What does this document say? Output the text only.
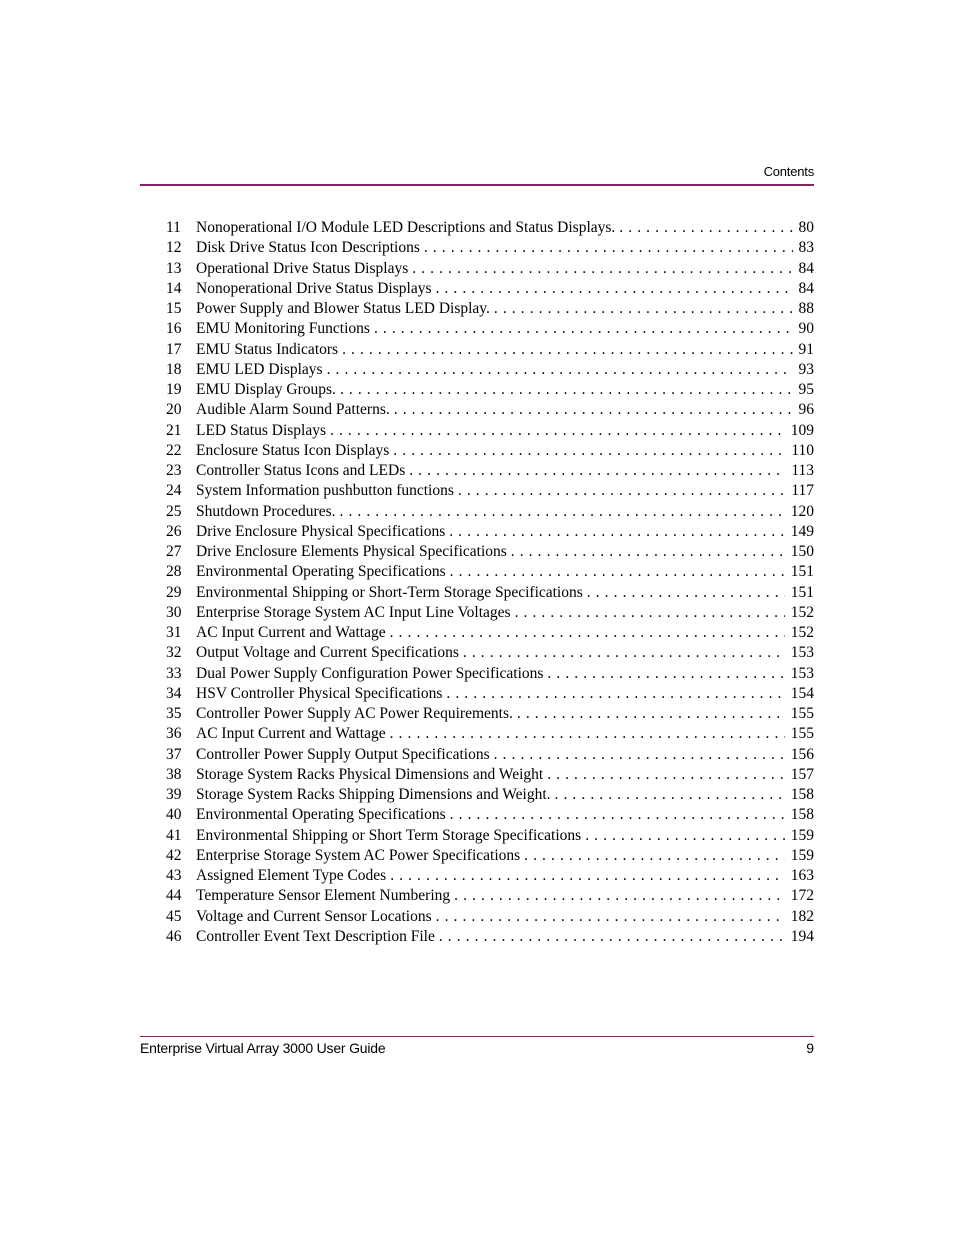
Contents
11 Nonoperational I/O Module LED Descriptions and Status Displays. . . .	80
12 Disk Drive Status Icon Descriptions . . .	83
13 Operational Drive Status Displays . . .	84
14 Nonoperational Drive Status Displays . . .	84
15 Power Supply and Blower Status LED Display. . . .	88
16 EMU Monitoring Functions . . .	90
17 EMU Status Indicators . . .	91
18 EMU LED Displays . . .	93
19 EMU Display Groups. . . .	95
20 Audible Alarm Sound Patterns. . . .	96
21 LED Status Displays . . .	109
22 Enclosure Status Icon Displays . . .	110
23 Controller Status Icons and LEDs . . .	113
24 System Information pushbutton functions . . .	117
25 Shutdown Procedures. . . .	120
26 Drive Enclosure Physical Specifications . . .	149
27 Drive Enclosure Elements Physical Specifications . . .	150
28 Environmental Operating Specifications . . .	151
29 Environmental Shipping or Short-Term Storage Specifications . . .	151
30 Enterprise Storage System AC Input Line Voltages . . .	152
31 AC Input Current and Wattage . . .	152
32 Output Voltage and Current Specifications . . .	153
33 Dual Power Supply Configuration Power Specifications . . .	153
34 HSV Controller Physical Specifications . . .	154
35 Controller Power Supply AC Power Requirements. . . .	155
36 AC Input Current and Wattage . . .	155
37 Controller Power Supply Output Specifications . . .	156
38 Storage System Racks Physical Dimensions and Weight . . .	157
39 Storage System Racks Shipping Dimensions and Weight. . . .	158
40 Environmental Operating Specifications . . .	158
41 Environmental Shipping or Short Term Storage Specifications . . .	159
42 Enterprise Storage System AC Power Specifications . . .	159
43 Assigned Element Type Codes . . .	163
44 Temperature Sensor Element Numbering . . .	172
45 Voltage and Current Sensor Locations . . .	182
46 Controller Event Text Description File . . .	194
Enterprise Virtual Array 3000 User Guide	9
